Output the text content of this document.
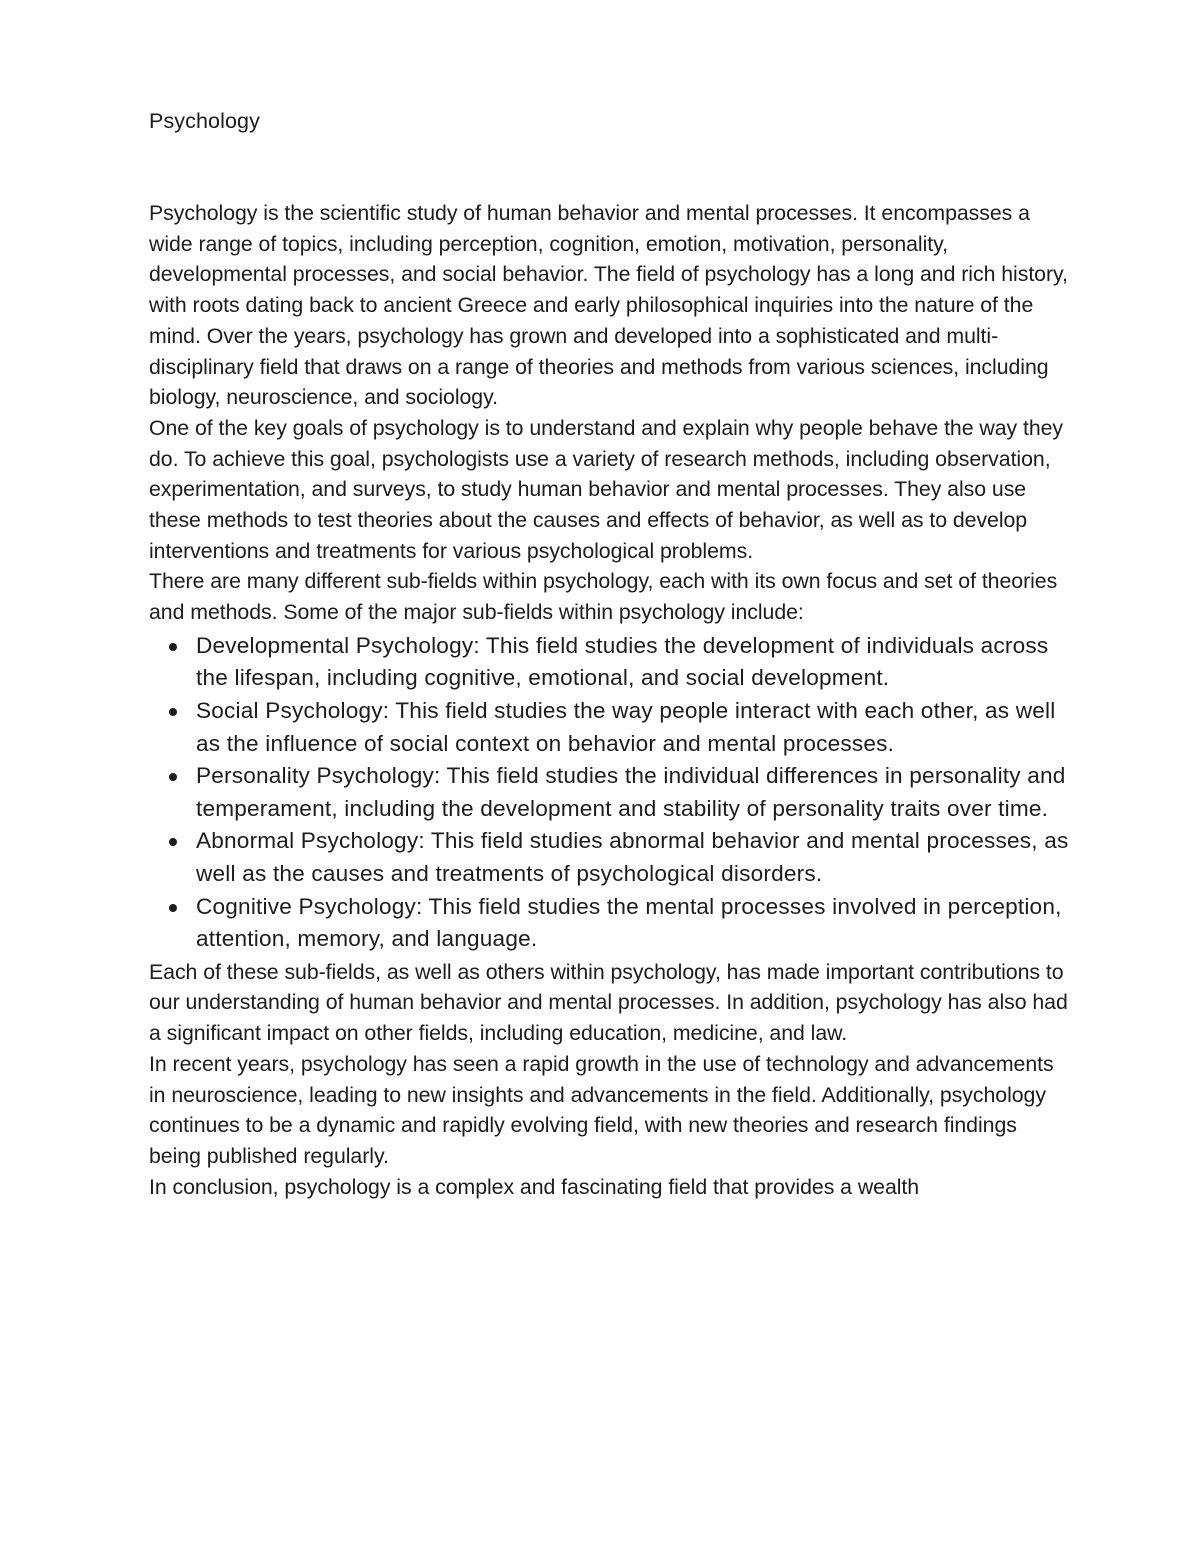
Psychology

Psychology is the scientific study of human behavior and mental processes. It encompasses a wide range of topics, including perception, cognition, emotion, motivation, personality, developmental processes, and social behavior. The field of psychology has a long and rich history, with roots dating back to ancient Greece and early philosophical inquiries into the nature of the mind. Over the years, psychology has grown and developed into a sophisticated and multi-disciplinary field that draws on a range of theories and methods from various sciences, including biology, neuroscience, and sociology.

One of the key goals of psychology is to understand and explain why people behave the way they do. To achieve this goal, psychologists use a variety of research methods, including observation, experimentation, and surveys, to study human behavior and mental processes. They also use these methods to test theories about the causes and effects of behavior, as well as to develop interventions and treatments for various psychological problems.

There are many different sub-fields within psychology, each with its own focus and set of theories and methods. Some of the major sub-fields within psychology include:

Developmental Psychology: This field studies the development of individuals across the lifespan, including cognitive, emotional, and social development.
Social Psychology: This field studies the way people interact with each other, as well as the influence of social context on behavior and mental processes.
Personality Psychology: This field studies the individual differences in personality and temperament, including the development and stability of personality traits over time.
Abnormal Psychology: This field studies abnormal behavior and mental processes, as well as the causes and treatments of psychological disorders.
Cognitive Psychology: This field studies the mental processes involved in perception, attention, memory, and language.

Each of these sub-fields, as well as others within psychology, has made important contributions to our understanding of human behavior and mental processes. In addition, psychology has also had a significant impact on other fields, including education, medicine, and law.

In recent years, psychology has seen a rapid growth in the use of technology and advancements in neuroscience, leading to new insights and advancements in the field. Additionally, psychology continues to be a dynamic and rapidly evolving field, with new theories and research findings being published regularly.

In conclusion, psychology is a complex and fascinating field that provides a wealth
